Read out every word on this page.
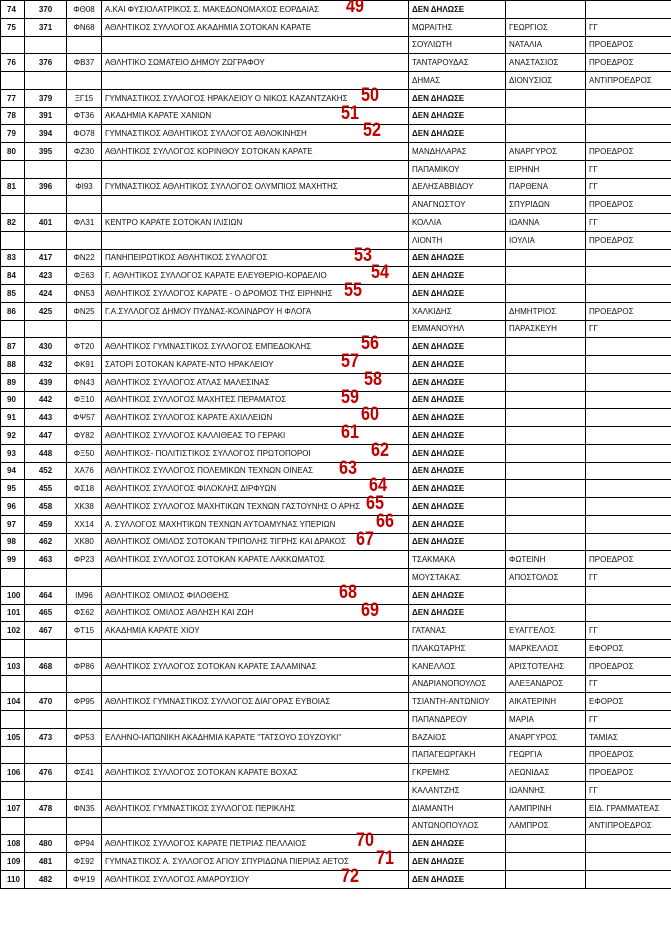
74	370	ΦΘ08	Α.ΚΑΙ ΦΥΣΙΟΛΑΤΡΙΚΟΣ Σ. ΜΑΚΕΔΟΝΟΜΑΧΟΣ ΕΟΡΔΑΙΑΣ 49	ΔΕΝ ΔΗΛΩΣΕ		
75	371	ΦΝ68	ΑΘΛΗΤΙΚΟΣ ΣΥΛΛΟΓΟΣ ΑΚΑΔΗΜΙΑ ΣΟΤΟΚΑΝ ΚΑΡΑΤΕ	ΜΩΡΑΙΤΗΣ	ΓΕΩΡΓΙΟΣ	ΓΓ
				ΣΟΥΛΙΩΤΗ	ΝΑΤΑΛΙΑ	ΠΡΟΕΔΡΟΣ
76	376	ΦΒ37	ΑΘΛΗΤΙΚΟ ΣΩΜΑΤΕΙΟ ΔΗΜΟΥ ΖΩΓΡΑΦΟΥ	ΤΑΝΤΑΡΟΥΔΑΣ	ΑΝΑΣΤΑΣΙΟΣ	ΠΡΟΕΔΡΟΣ
				ΔΗΜΑΣ	ΔΙΟΝΥΣΙΟΣ	ΑΝΤΙΠΡΟΕΔΡΟΣ
77	379	ΞΓ15	ΓΥΜΝΑΣΤΙΚΟΣ ΣΥΛΛΟΓΟΣ ΗΡΑΚΛΕΙΟΥ Ο ΝΙΚΟΣ ΚΑΖΑΝΤΖΑΚΗΣ 50	ΔΕΝ ΔΗΛΩΣΕ		
78	391	ΦΤ36	ΑΚΑΔΗΜΙΑ ΚΑΡΑΤΕ ΧΑΝΙΩΝ 51	ΔΕΝ ΔΗΛΩΣΕ		
79	394	ΦΟ78	ΓΥΜΝΑΣΤΙΚΟΣ ΑΘΛΗΤΙΚΟΣ ΣΥΛΛΟΓΟΣ ΑΘΛΟΚΙΝΗΣΗ 52	ΔΕΝ ΔΗΛΩΣΕ		
80	395	ΦΖ30	ΑΘΛΗΤΙΚΟΣ ΣΥΛΛΟΓΟΣ ΚΟΡΙΝΘΟΥ ΣΟΤΟΚΑΝ ΚΑΡΑΤΕ	ΜΑΝΔΗΛΑΡΑΣ	ΑΝΑΡΓΥΡΟΣ	ΠΡΟΕΔΡΟΣ
				ΠΑΠΑΜΙΚΟΥ	ΕΙΡΗΝΗ	ΓΓ
81	396	ΦΙ93	ΓΥΜΝΑΣΤΙΚΟΣ ΑΘΛΗΤΙΚΟΣ ΣΥΛΛΟΓΟΣ ΟΛΥΜΠΙΟΣ ΜΑΧΗΤΗΣ	ΔΕΛΗΣΑΒΒΙΔΟΥ	ΠΑΡΘΕΝΑ	ΓΓ
				ΑΝΑΓΝΩΣΤΟΥ	ΣΠΥΡΙΔΩΝ	ΠΡΟΕΔΡΟΣ
82	401	ΦΛ31	ΚΕΝΤΡΟ ΚΑΡΑΤΕ ΣΟΤΟΚΑΝ ΙΛΙΣΙΩΝ	ΚΟΛΛΙΑ	ΙΩΑΝΝΑ	ΓΓ
				ΛΙΟΝΤΗ	ΙΟΥΛΙΑ	ΠΡΟΕΔΡΟΣ
83	417	ΦΝ22	ΠΑΝΗΠΕΙΡΩΤΙΚΟΣ ΑΘΛΗΤΙΚΟΣ ΣΥΛΛΟΓΟΣ 53	ΔΕΝ ΔΗΛΩΣΕ		
84	423	ΦΞ63	Γ. ΑΘΛΗΤΙΚΟΣ ΣΥΛΛΟΓΟΣ ΚΑΡΑΤΕ ΕΛΕΥΘΕΡΙΟ-ΚΟΡΔΕΛΙΟ 54	ΔΕΝ ΔΗΛΩΣΕ		
85	424	ΦΝ53	ΑΘΛΗΤΙΚΟΣ ΣΥΛΛΟΓΟΣ ΚΑΡΑΤΕ - Ο ΔΡΟΜΟΣ ΤΗΣ ΕΙΡΗΝΗΣ 55	ΔΕΝ ΔΗΛΩΣΕ		
86	425	ΦΝ25	Γ.Α.ΣΥΛΛΟΓΟΣ ΔΗΜΟΥ ΠΥΔΝΑΣ-ΚΟΛΙΝΔΡΟΥ Η ΦΛΟΓΑ	ΧΑΛΚΙΔΗΣ	ΔΗΜΗΤΡΙΟΣ	ΠΡΟΕΔΡΟΣ
				ΕΜΜΑΝΟΥΗΛ	ΠΑΡΑΣΚΕΥΗ	ΓΓ
87	430	ΦΤ20	ΑΘΛΗΤΙΚΟΣ ΓΥΜΝΑΣΤΙΚΟΣ ΣΥΛΛΟΓΟΣ ΕΜΠΕΔΟΚΛΗΣ 56	ΔΕΝ ΔΗΛΩΣΕ		
88	432	ΦΚ91	ΣΑΤΟΡΙ ΣΟΤΟΚΑΝ ΚΑΡΑΤΕ-ΝΤΟ ΗΡΑΚΛΕΙΟΥ 57	ΔΕΝ ΔΗΛΩΣΕ		
89	439	ΦΝ43	ΑΘΛΗΤΙΚΟΣ ΣΥΛΛΟΓΟΣ ΑΤΛΑΣ ΜΑΛΕΣΙΝΑΣ 58	ΔΕΝ ΔΗΛΩΣΕ		
90	442	ΦΞ10	ΑΘΛΗΤΙΚΟΣ ΣΥΛΛΟΓΟΣ ΜΑΧΗΤΕΣ ΠΕΡΑΜΑΤΟΣ 59	ΔΕΝ ΔΗΛΩΣΕ		
91	443	ΦΨ57	ΑΘΛΗΤΙΚΟΣ ΣΥΛΛΟΓΟΣ ΚΑΡΑΤΕ ΑΧΙΛΛΕΙΩΝ 60	ΔΕΝ ΔΗΛΩΣΕ		
92	447	ΦΥ82	ΑΘΛΗΤΙΚΟΣ ΣΥΛΛΟΓΟΣ ΚΑΛΛΙΘΕΑΣ ΤΟ ΓΕΡΑΚΙ 61	ΔΕΝ ΔΗΛΩΣΕ		
93	448	ΦΞ50	ΑΘΛΗΤΙΚΟΣ- ΠΟΛΙΤΙΣΤΙΚΟΣ ΣΥΛΛΟΓΟΣ ΠΡΩΤΟΠΟΡΟΙ 62	ΔΕΝ ΔΗΛΩΣΕ		
94	452	ΧΑ76	ΑΘΛΗΤΙΚΟΣ ΣΥΛΛΟΓΟΣ ΠΟΛΕΜΙΚΩΝ ΤΕΧΝΩΝ ΟΙΝΕΑΣ 63	ΔΕΝ ΔΗΛΩΣΕ		
95	455	ΦΣ18	ΑΘΛΗΤΙΚΟΣ ΣΥΛΛΟΓΟΣ ΦΙΛΟΚΛΗΣ ΔΙΡΦΥΩΝ 64	ΔΕΝ ΔΗΛΩΣΕ		
96	458	ΧΚ38	ΑΘΛΗΤΙΚΟΣ ΣΥΛΛΟΓΟΣ ΜΑΧΗΤΙΚΩΝ ΤΕΧΝΩΝ ΓΑΣΤΟΥΝΗΣ Ο ΑΡΗΣ 65	ΔΕΝ ΔΗΛΩΣΕ		
97	459	ΧΧ14	Α. ΣΥΛΛΟΓΟΣ ΜΑΧΗΤΙΚΩΝ ΤΕΧΝΩΝ ΑΥΤΟΑΜΥΝΑΣ ΥΠΕΡΙΩΝ 66	ΔΕΝ ΔΗΛΩΣΕ		
98	462	ΧΚ80	ΑΘΛΗΤΙΚΟΣ ΟΜΙΛΟΣ ΣΟΤΟΚΑΝ ΤΡΙΠΟΛΗΣ ΤΙΓΡΗΣ ΚΑΙ ΔΡΑΚΟΣ 67	ΔΕΝ ΔΗΛΩΣΕ		
99	463	ΦΡ23	ΑΘΛΗΤΙΚΟΣ ΣΥΛΛΟΓΟΣ ΣΟΤΟΚΑΝ ΚΑΡΑΤΕ ΛΑΚΚΩΜΑΤΟΣ	ΤΣΑΚΜΑΚΑ	ΦΩΤΕΙΝΗ	ΠΡΟΕΔΡΟΣ
				ΜΟΥΣΤΑΚΑΣ	ΑΠΟΣΤΟΛΟΣ	ΓΓ
100	464	ΙΜ96	ΑΘΛΗΤΙΚΟΣ ΟΜΙΛΟΣ ΦΙΛΟΘΕΗΣ 68	ΔΕΝ ΔΗΛΩΣΕ		
101	465	ΦΣ62	ΑΘΛΗΤΙΚΟΣ ΟΜΙΛΟΣ ΑΘΛΗΣΗ ΚΑΙ ΖΩΗ 69	ΔΕΝ ΔΗΛΩΣΕ		
102	467	ΦΤ15	ΑΚΑΔΗΜΙΑ ΚΑΡΑΤΕ ΧΙΟΥ	ΓΑΤΑΝΑΣ	ΕΥΑΓΓΕΛΟΣ	ΓΓ
				ΠΛΑΚΩΤΑΡΗΣ	ΜΑΡΚΕΛΛΟΣ	ΕΦΟΡΟΣ
103	468	ΦΡ86	ΑΘΛΗΤΙΚΟΣ ΣΥΛΛΟΓΟΣ ΣΟΤΟΚΑΝ ΚΑΡΑΤΕ ΣΑΛΑΜΙΝΑΣ	ΚΑΝΕΛΛΟΣ	ΑΡΙΣΤΟΤΕΛΗΣ	ΠΡΟΕΔΡΟΣ
				ΑΝΔΡΙΑΝΟΠΟΥΛΟΣ	ΑΛΕΞΑΝΔΡΟΣ	ΓΓ
104	470	ΦΡ95	ΑΘΛΗΤΙΚΟΣ ΓΥΜΝΑΣΤΙΚΟΣ ΣΥΛΛΟΓΟΣ ΔΙΑΓΟΡΑΣ ΕΥΒΟΙΑΣ	ΤΣΙΑΝΤΗ-ΑΝΤΩΝΙΟΥ	ΑΙΚΑΤΕΡΙΝΗ	ΕΦΟΡΟΣ
				ΠΑΠΑΝΔΡΕΟΥ	ΜΑΡΙΑ	ΓΓ
105	473	ΦΡ53	ΕΛΛΗΝΟ-ΙΑΠΩΝΙΚΗ ΑΚΑΔΗΜΙΑ ΚΑΡΑΤΕ "ΤΑΤΣΟΥΟ ΣΟΥΖΟΥΚΙ"	ΒΑΖΑΙΟΣ	ΑΝΑΡΓΥΡΟΣ	ΤΑΜΙΑΣ
				ΠΑΠΑΓΕΩΡΓΑΚΗ	ΓΕΩΡΓΙΑ	ΠΡΟΕΔΡΟΣ
106	476	ΦΣ41	ΑΘΛΗΤΙΚΟΣ ΣΥΛΛΟΓΟΣ ΣΟΤΟΚΑΝ ΚΑΡΑΤΕ ΒΟΧΑΣ	ΓΚΡΕΜΗΣ	ΛΕΩΝΙΔΑΣ	ΠΡΟΕΔΡΟΣ
				ΚΑΛΑΝΤΖΗΣ	ΙΩΑΝΝΗΣ	ΓΓ
107	478	ΦΝ35	ΑΘΛΗΤΙΚΟΣ ΓΥΜΝΑΣΤΙΚΟΣ ΣΥΛΛΟΓΟΣ ΠΕΡΙΚΛΗΣ	ΔΙΑΜΑΝΤΗ	ΛΑΜΠΡΙΝΗ	ΕΙΔ. ΓΡΑΜΜΑΤΕΑΣ
				ΑΝΤΩΝΟΠΟΥΛΟΣ	ΛΑΜΠΡΟΣ	ΑΝΤΙΠΡΟΕΔΡΟΣ
108	480	ΦΡ94	ΑΘΛΗΤΙΚΟΣ ΣΥΛΛΟΓΟΣ ΚΑΡΑΤΕ ΠΕΤΡΙΑΣ ΠΕΛΛΑΙΟΣ 70	ΔΕΝ ΔΗΛΩΣΕ		
109	481	ΦΣ92	ΓΥΜΝΑΣΤΙΚΟΣ Α. ΣΥΛΛΟΓΟΣ ΑΓΙΟΥ ΣΠΥΡΙΔΩΝΑ ΠΙΕΡΙΑΣ ΑΕΤΟΣ 71	ΔΕΝ ΔΗΛΩΣΕ		
110	482	ΦΨ19	ΑΘΛΗΤΙΚΟΣ ΣΥΛΛΟΓΟΣ ΑΜΑΡΟΥΣΙΟΥ 72	ΔΕΝ ΔΗΛΩΣΕ		
